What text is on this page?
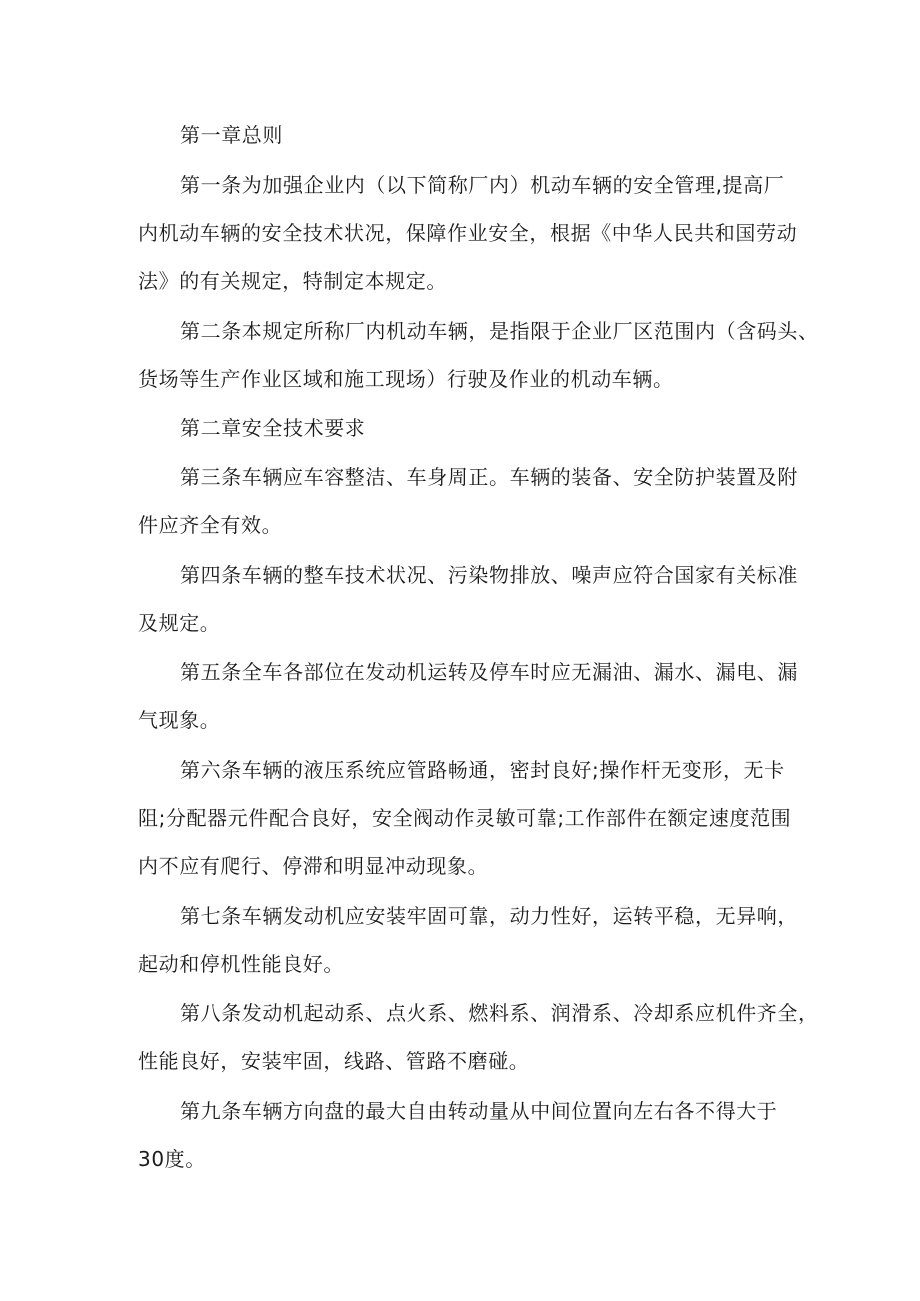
第一章总则
第一条为加强企业内（以下简称厂内）机动车辆的安全管理,提高厂
内机动车辆的安全技术状况，保障作业安全，根据《中华人民共和国劳动
法》的有关规定，特制定本规定。
第二条本规定所称厂内机动车辆，是指限于企业厂区范围内（含码头、
货场等生产作业区域和施工现场）行驶及作业的机动车辆。
第二章安全技术要求
第三条车辆应车容整洁、车身周正。车辆的装备、安全防护装置及附
件应齐全有效。
第四条车辆的整车技术状况、污染物排放、噪声应符合国家有关标准
及规定。
第五条全车各部位在发动机运转及停车时应无漏油、漏水、漏电、漏
气现象。
第六条车辆的液压系统应管路畅通，密封良好;操作杆无变形，无卡
阻;分配器元件配合良好，安全阀动作灵敏可靠;工作部件在额定速度范围
内不应有爬行、停滞和明显冲动现象。
第七条车辆发动机应安装牢固可靠，动力性好，运转平稳，无异响，
起动和停机性能良好。
第八条发动机起动系、点火系、燃料系、润滑系、冷却系应机件齐全，
性能良好，安装牢固，线路、管路不磨碰。
第九条车辆方向盘的最大自由转动量从中间位置向左右各不得大于
30度。
